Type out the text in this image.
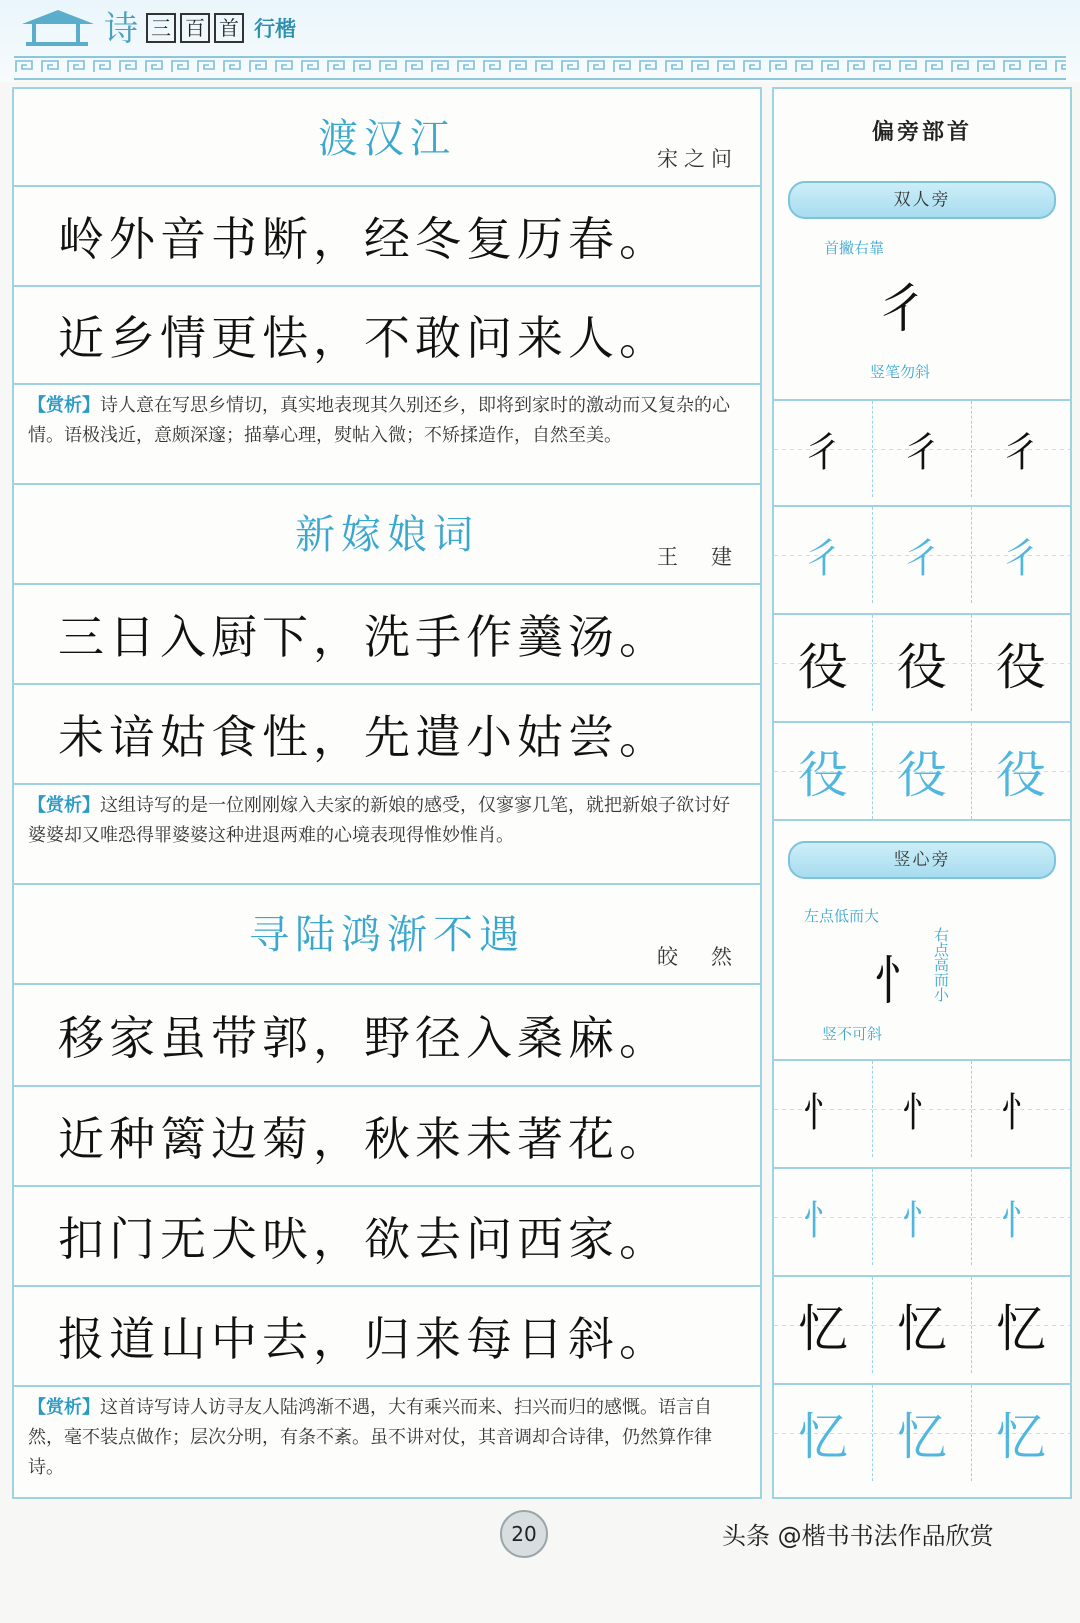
诗 三 百 首 行楷
渡汉江	宋之问
岭外音书断，经冬复历春。
近乡情更怯，不敢问来人。
【赏析】诗人意在写思乡情切，真实地表现其久别还乡，即将到家时的激动而又复杂的心情。语极浅近，意颇深邃；描摹心理，熨帖入微；不矫揉造作，自然至美。
新嫁娘词	王　建
三日入厨下，洗手作羹汤。
未谙姑食性，先遣小姑尝。
【赏析】这组诗写的是一位刚刚嫁入夫家的新娘的感受，仅寥寥几笔，就把新娘子欲讨好婆婆却又唯恐得罪婆婆这种进退两难的心境表现得惟妙惟肖。
寻陆鸿渐不遇	皎　然
移家虽带郭，野径入桑麻。
近种篱边菊，秋来未著花。
扣门无犬吠，欲去问西家。
报道山中去，归来每日斜。
【赏析】这首诗写诗人访寻友人陆鸿渐不遇，大有乘兴而来、扫兴而归的感慨。语言自然，毫不装点做作；层次分明，有条不紊。虽不讲对仗，其音调却合诗律，仍然算作律诗。
偏旁部首
双人旁
首撇右靠
彳
竖笔勿斜
彳 彳 彳
彳 彳 彳
役 役 役
役 役 役
竖心旁
左点低而大
忄 右点高而小
竖不可斜
忄 忄 忄
忄 忄 忄
忆 忆 忆
忆 忆 忆
20	头条 @楷书书法作品欣赏
